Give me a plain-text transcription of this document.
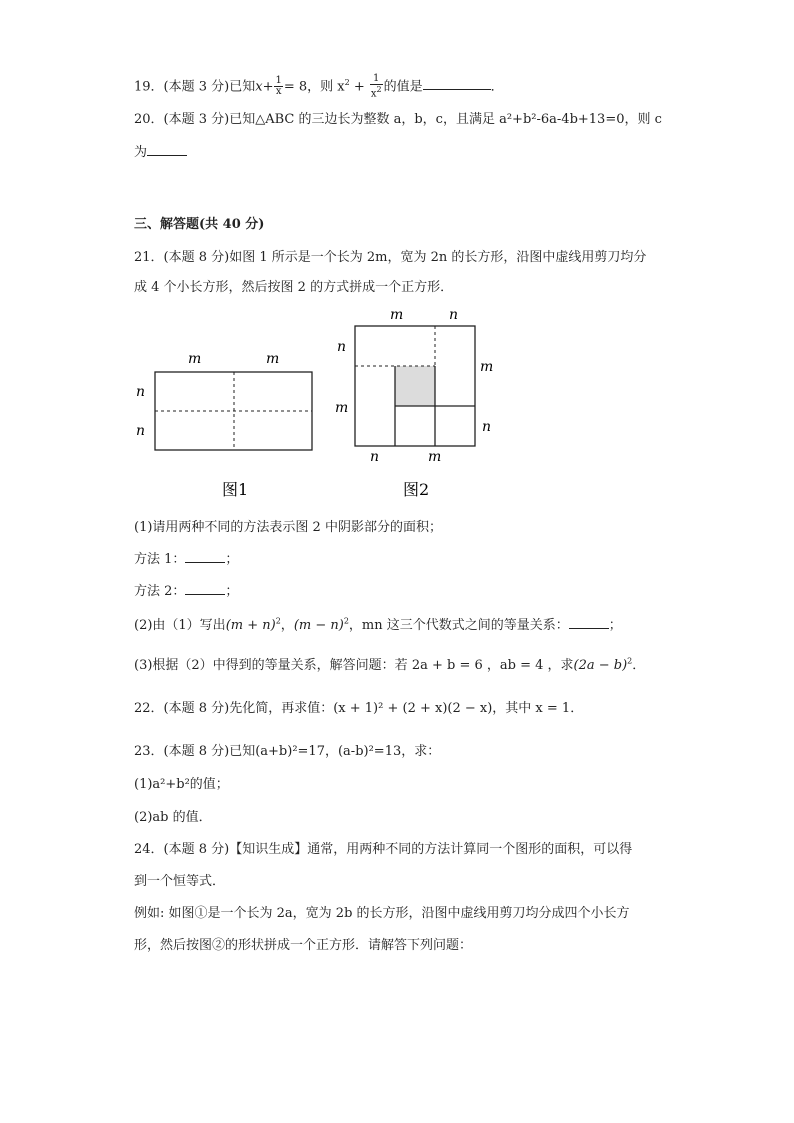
19．(本题 3 分)已知$x+ \frac{1}{x} = 8$，则 $x^2 + \frac{1}{x^2}$ 的值是	．
20．(本题 3 分)已知△ABC 的三边长为整数 a，b，c，且满足 a²+b²-6a-4b+13=0，则 c
为
三、解答题(共 40 分)
21．(本题 8 分)如图 1 所示是一个长为 2m，宽为 2n 的长方形，沿图中虚线用剪刀均分
成 4 个小长方形，然后按图 2 的方式拼成一个正方形．
m	m
n
n
图1
m	n
n
m
m
n
n	m
图2
(1)请用两种不同的方法表示图 2 中阴影部分的面积；
方法 1：	；
方法 2：	；
(2)由（1）写出$(m + n)^2$，$(m - n)^2$，mn 这三个代数式之间的等量关系：	；
(3)根据（2）中得到的等量关系，解答问题：若 2a + b = 6 ，ab = 4 ，求$(2a - b)^2$．
22．(本题 8 分)先化简，再求值：(x + 1)² + (2 + x)(2 − x)，其中 x = 1．
23．(本题 8 分)已知(a+b)²=17，(a-b)²=13，求：
(1)a²+b²的值；
(2)ab 的值．
24．(本题 8 分)【知识生成】通常，用两种不同的方法计算同一个图形的面积，可以得
到一个恒等式．
例如: 如图①是一个长为 2a，宽为 2b 的长方形，沿图中虚线用剪刀均分成四个小长方
形，然后按图②的形状拼成一个正方形．请解答下列问题：
